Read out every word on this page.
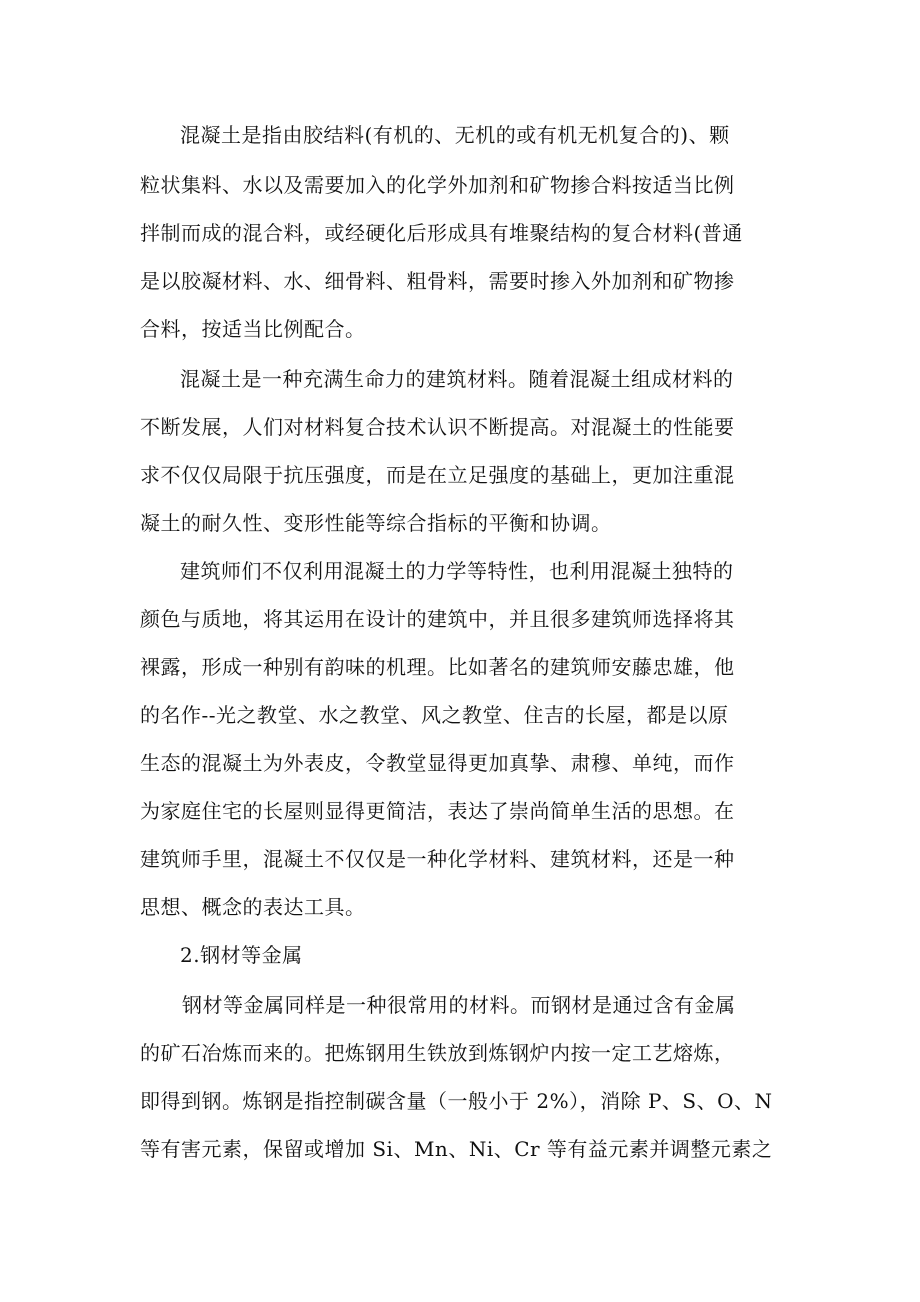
混凝土是指由胶结料(有机的、无机的或有机无机复合的)、颗
粒状集料、水以及需要加入的化学外加剂和矿物掺合料按适当比例
拌制而成的混合料，或经硬化后形成具有堆聚结构的复合材料(普通
是以胶凝材料、水、细骨料、粗骨料，需要时掺入外加剂和矿物掺
合料，按适当比例配合。
混凝土是一种充满生命力的建筑材料。随着混凝土组成材料的
不断发展，人们对材料复合技术认识不断提高。对混凝土的性能要
求不仅仅局限于抗压强度，而是在立足强度的基础上，更加注重混
凝土的耐久性、变形性能等综合指标的平衡和协调。
建筑师们不仅利用混凝土的力学等特性，也利用混凝土独特的
颜色与质地，将其运用在设计的建筑中，并且很多建筑师选择将其
裸露，形成一种别有韵味的机理。比如著名的建筑师安藤忠雄，他
的名作--光之教堂、水之教堂、风之教堂、住吉的长屋，都是以原
生态的混凝土为外表皮，令教堂显得更加真挚、肃穆、单纯，而作
为家庭住宅的长屋则显得更简洁，表达了崇尚简单生活的思想。在
建筑师手里，混凝土不仅仅是一种化学材料、建筑材料，还是一种
思想、概念的表达工具。
2.钢材等金属
钢材等金属同样是一种很常用的材料。而钢材是通过含有金属
的矿石冶炼而来的。把炼钢用生铁放到炼钢炉内按一定工艺熔炼，
即得到钢。炼钢是指控制碳含量（一般小于 2%），消除 P、S、O、N
等有害元素，保留或增加 Si、Mn、Ni、Cr 等有益元素并调整元素之
